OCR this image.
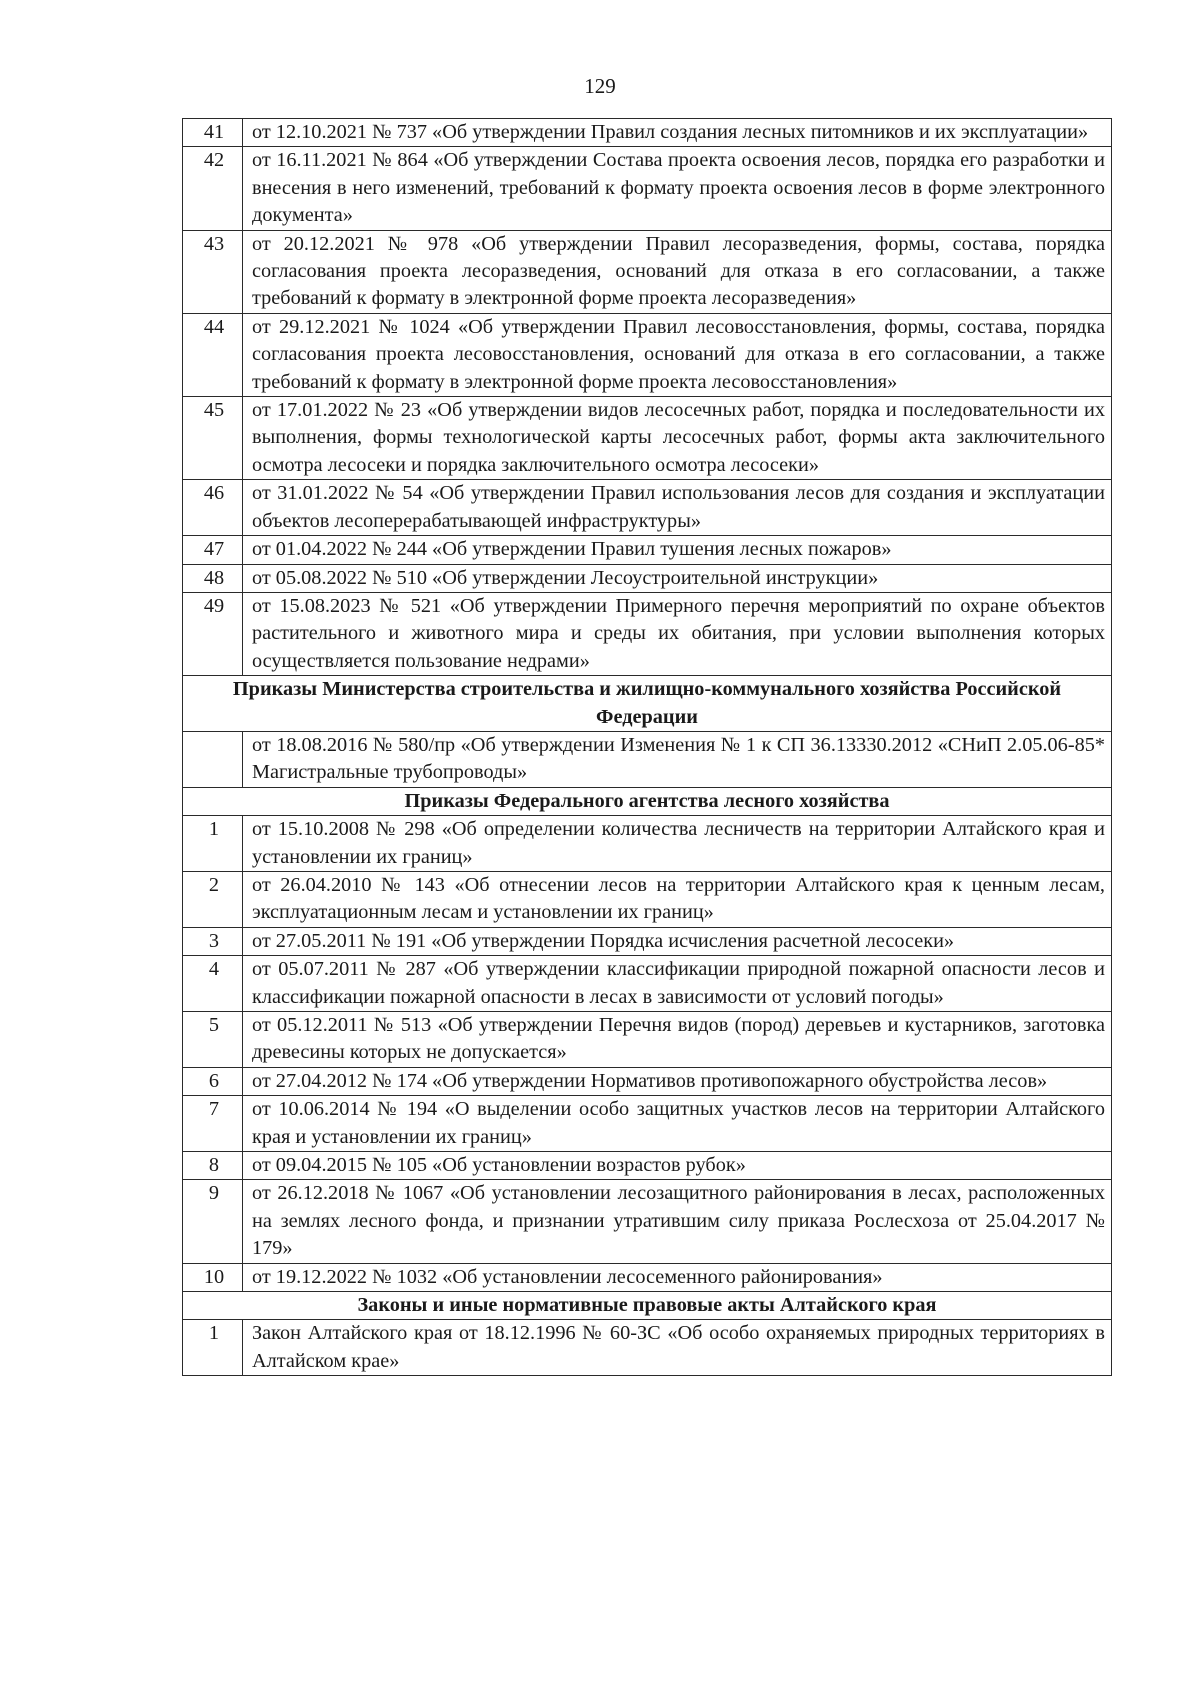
129
41	от 12.10.2021 № 737 «Об утверждении Правил создания лесных питомников и их эксплуатации»
42	от 16.11.2021 № 864 «Об утверждении Состава проекта освоения лесов, порядка его разработки и внесения в него изменений, требований к формату проекта освоения лесов в форме электронного документа»
43	от 20.12.2021 № 978 «Об утверждении Правил лесоразведения, формы, состава, порядка согласования проекта лесоразведения, оснований для отказа в его согласовании, а также требований к формату в электронной форме проекта лесоразведения»
44	от 29.12.2021 № 1024 «Об утверждении Правил лесовосстановления, формы, состава, порядка согласования проекта лесовосстановления, оснований для отказа в его согласовании, а также требований к формату в электронной форме проекта лесовосстановления»
45	от 17.01.2022 № 23 «Об утверждении видов лесосечных работ, порядка и последовательности их выполнения, формы технологической карты лесосечных работ, формы акта заключительного осмотра лесосеки и порядка заключительного осмотра лесосеки»
46	от 31.01.2022 № 54 «Об утверждении Правил использования лесов для создания и эксплуатации объектов лесоперерабатывающей инфраструктуры»
47	от 01.04.2022 № 244 «Об утверждении Правил тушения лесных пожаров»
48	от 05.08.2022 № 510 «Об утверждении Лесоустроительной инструкции»
49	от 15.08.2023 № 521 «Об утверждении Примерного перечня мероприятий по охране объектов растительного и животного мира и среды их обитания, при условии выполнения которых осуществляется пользование недрами»
Приказы Министерства строительства и жилищно-коммунального хозяйства Российской Федерации	
	от 18.08.2016 № 580/пр «Об утверждении Изменения № 1 к СП 36.13330.2012 «СНиП 2.05.06-85* Магистральные трубопроводы»
Приказы Федерального агентства лесного хозяйства	
1	от 15.10.2008 № 298 «Об определении количества лесничеств на территории Алтайского края и установлении их границ»
2	от 26.04.2010 № 143 «Об отнесении лесов на территории Алтайского края к ценным лесам, эксплуатационным лесам и установлении их границ»
3	от 27.05.2011 № 191 «Об утверждении Порядка исчисления расчетной лесосеки»
4	от 05.07.2011 № 287 «Об утверждении классификации природной пожарной опасности лесов и классификации пожарной опасности в лесах в зависимости от условий погоды»
5	от 05.12.2011 № 513 «Об утверждении Перечня видов (пород) деревьев и кустарников, заготовка древесины которых не допускается»
6	от 27.04.2012 № 174 «Об утверждении Нормативов противопожарного обустройства лесов»
7	от 10.06.2014 № 194 «О выделении особо защитных участков лесов на территории Алтайского края и установлении их границ»
8	от 09.04.2015 № 105 «Об установлении возрастов рубок»
9	от 26.12.2018 № 1067 «Об установлении лесозащитного районирования в лесах, расположенных на землях лесного фонда, и признании утратившим силу приказа Рослесхоза от 25.04.2017 № 179»
10	от 19.12.2022 № 1032 «Об установлении лесосеменного районирования»
Законы и иные нормативные правовые акты Алтайского края	
1	Закон Алтайского края от 18.12.1996 № 60-ЗС «Об особо охраняемых природных территориях в Алтайском крае»
